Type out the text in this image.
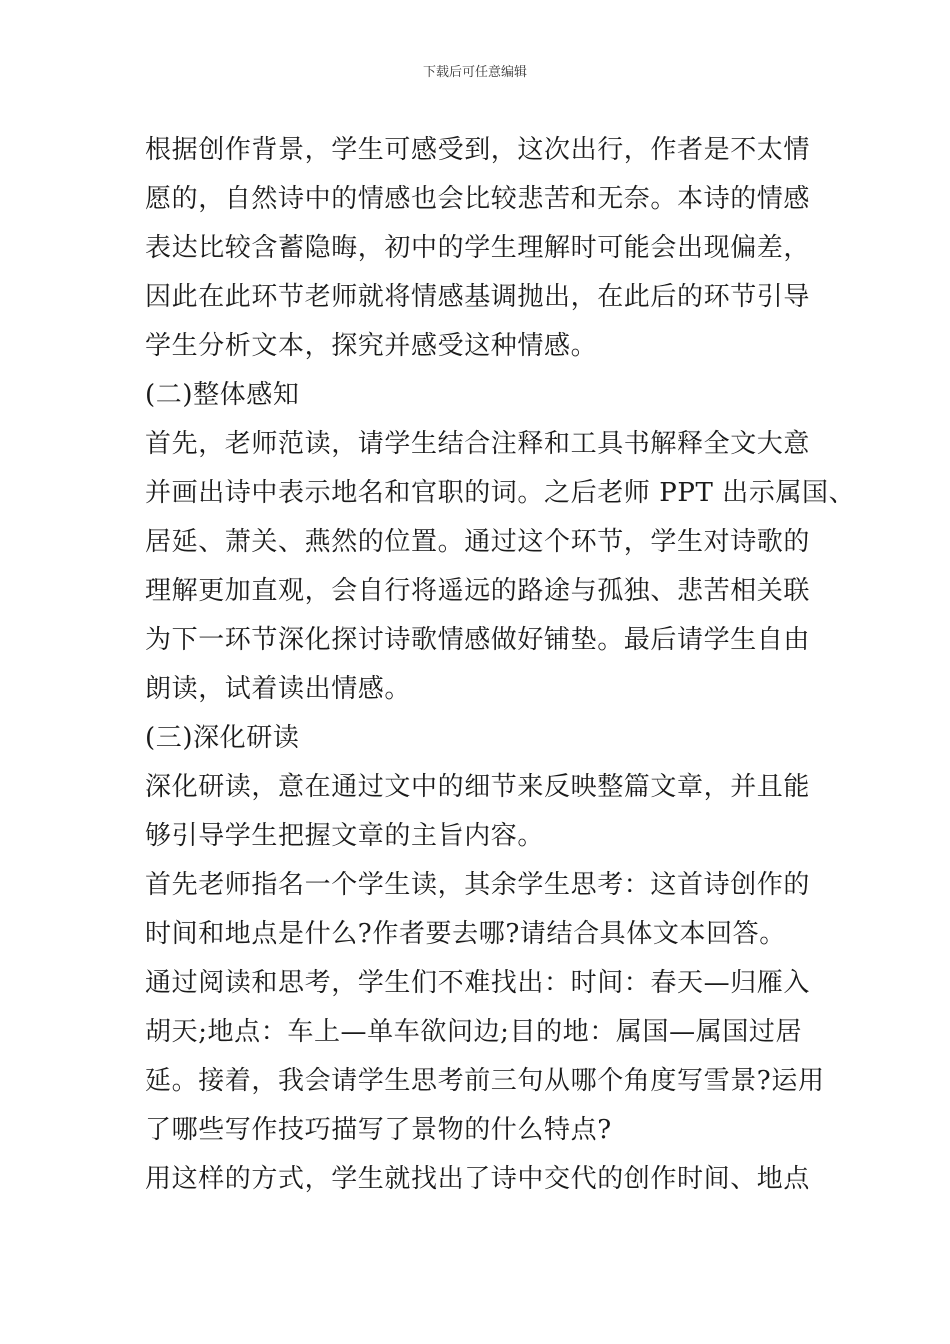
下载后可任意编辑
根据创作背景，学生可感受到，这次出行，作者是不太情
愿的，自然诗中的情感也会比较悲苦和无奈。本诗的情感
表达比较含蓄隐晦，初中的学生理解时可能会出现偏差，
因此在此环节老师就将情感基调抛出，在此后的环节引导
学生分析文本，探究并感受这种情感。
(二)整体感知
首先，老师范读，请学生结合注释和工具书解释全文大意
并画出诗中表示地名和官职的词。之后老师 PPT 出示属国、
居延、萧关、燕然的位置。通过这个环节，学生对诗歌的
理解更加直观，会自行将遥远的路途与孤独、悲苦相关联
为下一环节深化探讨诗歌情感做好铺垫。最后请学生自由
朗读，试着读出情感。
(三)深化研读
深化研读，意在通过文中的细节来反映整篇文章，并且能
够引导学生把握文章的主旨内容。
首先老师指名一个学生读，其余学生思考：这首诗创作的
时间和地点是什么?作者要去哪?请结合具体文本回答。
通过阅读和思考，学生们不难找出：时间：春天—归雁入
胡天;地点：车上—单车欲问边;目的地：属国—属国过居
延。接着，我会请学生思考前三句从哪个角度写雪景?运用
了哪些写作技巧描写了景物的什么特点?
用这样的方式，学生就找出了诗中交代的创作时间、地点
